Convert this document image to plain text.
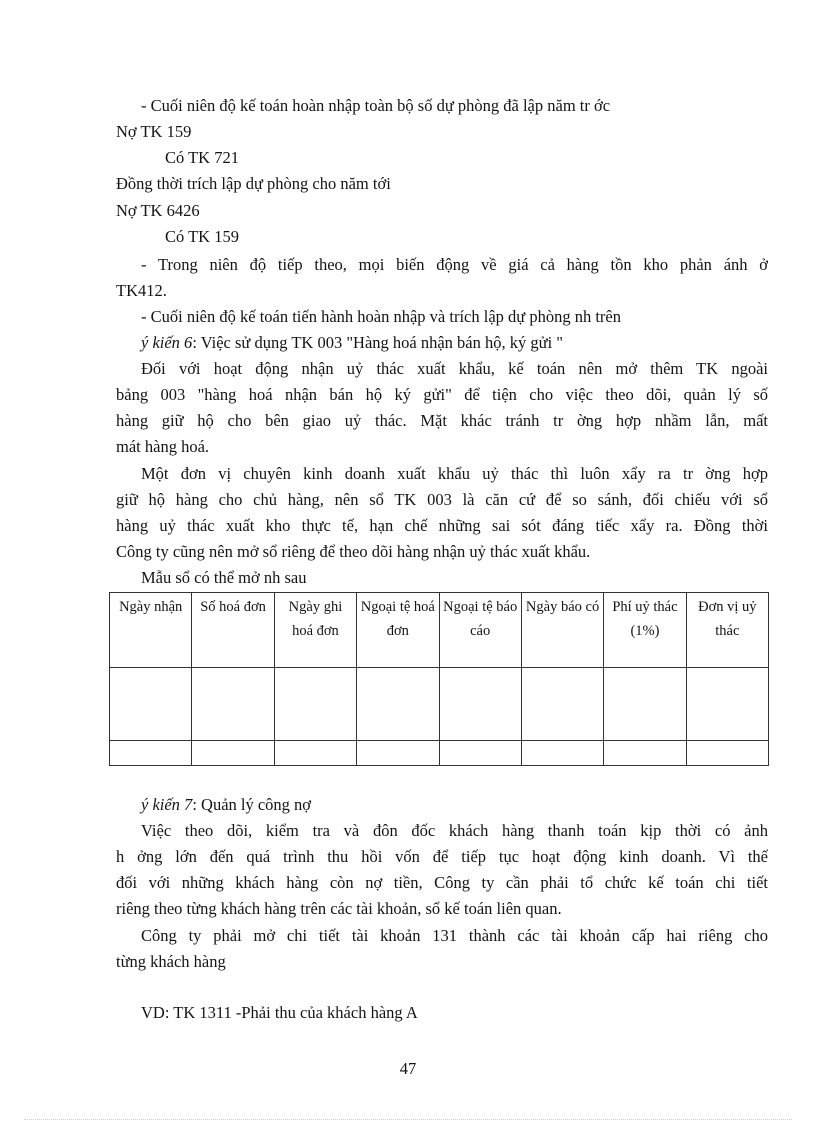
- Cuối niên độ kế toán hoàn nhập toàn bộ số dự phòng đã lập năm tr ớc
Nợ TK 159
Có TK 721
Đồng thời trích lập dự phòng cho năm tới
Nợ TK 6426
Có TK 159
- Trong niên độ tiếp theo, mọi biến động về giá cả hàng tồn kho phản ánh ở
TK412.
- Cuối niên độ kế toán tiến hành hoàn nhập và trích lập dự phòng nh trên
ý kiến 6: Việc sử dụng TK 003 "Hàng hoá nhận bán hộ, ký gửi "
Đối với hoạt động nhận uỷ thác xuất khẩu, kế toán nên mở thêm TK ngoài
bảng 003 "hàng hoá nhận bán hộ ký gửi" để tiện cho việc theo dõi, quản lý số
hàng giữ hộ cho bên giao uỷ thác. Mặt khác tránh tr ờng hợp nhầm lẫn, mất
mát hàng hoá.
Một đơn vị chuyên kinh doanh xuất khẩu uỷ thác thì luôn xẩy ra tr ờng hợp
giữ hộ hàng cho chủ hàng, nên sổ TK 003 là căn cứ để so sánh, đối chiếu với sổ
hàng uỷ thác xuất kho thực tế, hạn chế những sai sót đáng tiếc xẩy ra. Đồng thời
Công ty cũng nên mở sổ riêng để theo dõi hàng nhận uỷ thác xuất khẩu.
Mẫu sổ có thể mở nh sau
Ngày nhận	Số hoá đơn	Ngày ghi hoá đơn	Ngoại tệ hoá đơn	Ngoại tệ báo cáo	Ngày báo có	Phí uỷ thác (1%)	Đơn vị uỷ thác

ý kiến 7: Quản lý công nợ
Việc theo dõi, kiểm tra và đôn đốc khách hàng thanh toán kịp thời có ảnh
h ởng lớn đến quá trình thu hồi vốn để tiếp tục hoạt động kinh doanh. Vì thế
đối với những khách hàng còn nợ tiền, Công ty cần phải tổ chức kế toán chi tiết
riêng theo từng khách hàng trên các tài khoản, sổ kế toán liên quan.
Công ty phải mở chi tiết tài khoản 131 thành các tài khoản cấp hai riêng cho
từng khách hàng
VD: TK 1311 -Phải thu của khách hàng A
47
